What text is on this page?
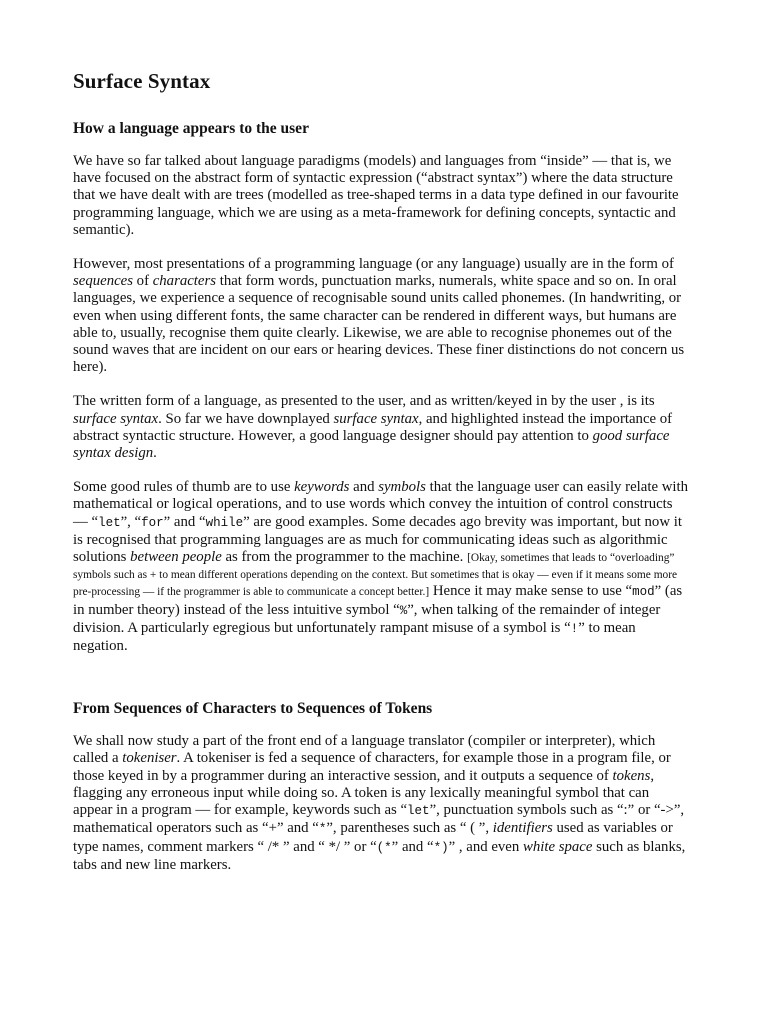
Surface Syntax
How a language appears to the user

We have so far talked about language paradigms (models) and languages from “inside” — that is, we have focused on the abstract form of syntactic expression (“abstract syntax”) where the data structure that we have dealt with are trees (modelled as tree-shaped terms in a data type defined in our favourite programming language, which we are using as a meta-framework for defining concepts, syntactic and semantic).

However, most presentations of a programming language (or any language) usually are in the form of sequences of characters that form words, punctuation marks, numerals, white space and so on. In oral languages, we experience a sequence of recognisable sound units called phonemes. (In handwriting, or even when using different fonts, the same character can be rendered in different ways, but humans are able to, usually, recognise them quite clearly. Likewise, we are able to recognise phonemes out of the sound waves that are incident on our ears or hearing devices. These finer distinctions do not concern us here).

The written form of a language, as presented to the user, and as written/keyed in by the user , is its surface syntax. So far we have downplayed surface syntax, and highlighted instead the importance of abstract syntactic structure. However, a good language designer should pay attention to good surface syntax design.

Some good rules of thumb are to use keywords and symbols that the language user can easily relate with mathematical or logical operations, and to use words which convey the intuition of control constructs — “let”, “for” and “while” are good examples. Some decades ago brevity was important, but now it is recognised that programming languages are as much for communicating ideas such as algorithmic solutions between people as from the programmer to the machine. [Okay, sometimes that leads to “overloading” symbols such as + to mean different operations depending on the context. But sometimes that is okay — even if it means some more pre-processing — if the programmer is able to communicate a concept better.] Hence it may make sense to use “mod” (as in number theory) instead of the less intuitive symbol “%”, when talking of the remainder of integer division. A particularly egregious but unfortunately rampant misuse of a symbol is “!” to mean negation.

From Sequences of Characters to Sequences of Tokens

We shall now study a part of the front end of a language translator (compiler or interpreter), which called a tokeniser. A tokeniser is fed a sequence of characters, for example those in a program file, or those keyed in by a programmer during an interactive session, and it outputs a sequence of tokens, flagging any erroneous input while doing so. A token is any lexically meaningful symbol that can appear in a program — for example, keywords such as “let”, punctuation symbols such as “:” or “->”, mathematical operators such as “+” and “*”, parentheses such as “ ( ”, identifiers used as variables or type names, comment markers “ /* ” and “ */ ” or “(*” and “*)” , and even white space such as blanks, tabs and new line markers.
